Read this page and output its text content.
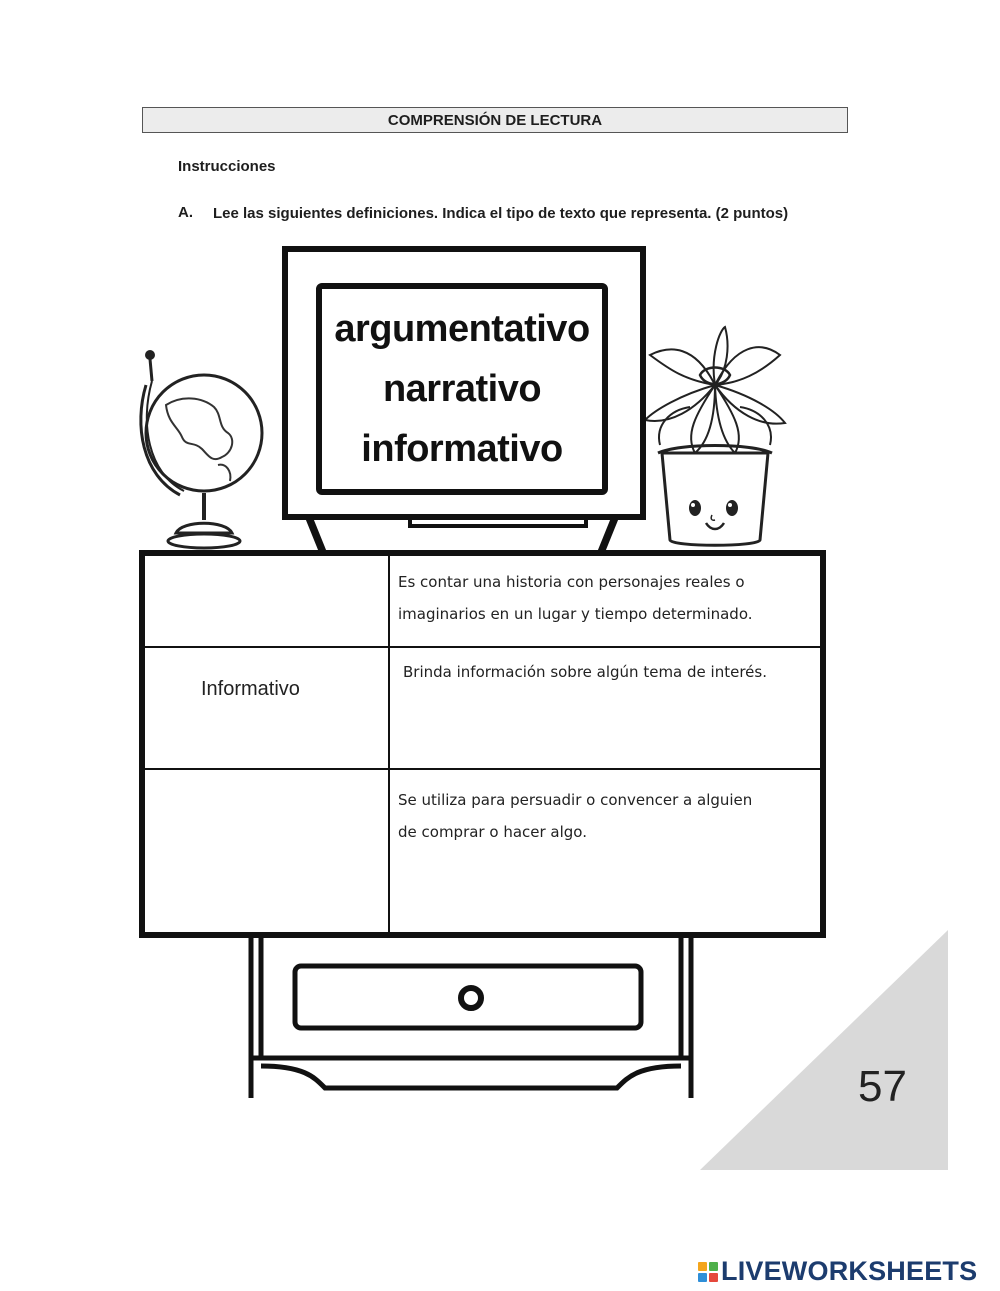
COMPRENSIÓN DE LECTURA
Instrucciones
A. Lee las siguientes definiciones. Indica el tipo de texto que representa. (2 puntos)
argumentativo
narrativo
informativo
Es contar una historia con personajes reales o
imaginarios en un lugar y tiempo determinado.
Informativo
Brinda información sobre algún tema de interés.
Se utiliza para persuadir o convencer a alguien
de comprar o hacer algo.
57
LIVEWORKSHEETS
